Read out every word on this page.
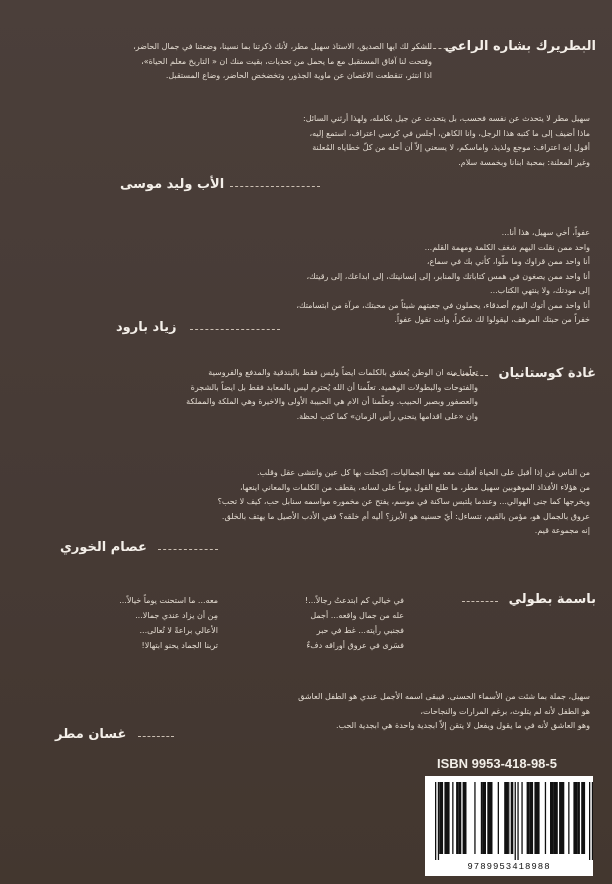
البطريرك بشاره الراعي

الشكر لك ايها الصديق، الاستاذ سهيل مطر، لأنك ذكرتنا بما نسينا، وضعتنا في جمال الحاضر،

وفتحت لنا آفاق المستقبل مع ما يحمل من تحديات، بقيت منك ان « التاريخ معلم الحياة»،

اذا انتثر، تنقطعت الاغصان عن ماوية الجذور، وتخضخض الحاضر، وضاع المستقبل.

سهيل مطر لا يتحدث عن نفسه فحسب، بل يتحدث عن جيل بكامله، ولهذا أرثني السائل:

ماذا أضيف إلى ما كتبه هذا الرجل، وانا الكاهن، أجلس في كرسي اعتراف، استمع إليه،

أقول إنه اعتراف: موجع ولذيذ، واماسكم، لا يسعني إلاّ أن أحله من كلّ خطاياه المُعلنة

وغير المعلنة: بمحبة ابنانا وبخمسة سلام.

الأب وليد موسى

عفواً، أخي سهيل، هذا أنا...

واحد ممن نقلت اليهم شغف الكلمة ومهمة القلم...

أنا واحد ممن قراوك وما ملّوا، كأني بك في سماع،

أنا واحد ممن يصغون في همس كتاباتك والمنابر، إلى إنسانيتك، إلى ابداعك، إلى رقيتك،

إلى مودتك، ولا ينتهي الكتاب...

أنا واحد ممن أتوك اليوم أصدقاء، يحملون في جعبتهم شيئاً من محبتك، مرآة من ابتسامتك،

خفراً من حبتك المرهف، ليقولوا لك شكراً، وانت تقول عفواً.

زياد بارود
غادة كوستانيان

تعلّمنا منه ان الوطن يُعشق بالكلمات ايضاً وليس فقط بالبندقية والمدفع والفروسية

والفتوحات والبطولات الوهمية. تعلّمنا أن الله يُحترم ليس بالمعابد فقط بل ايضاً بالشجرة

والعصفور وبصبر الحبيب. وتعلّمنا أن الام هي الحبيبة الأولى والاخيرة وهي الملكة والمملكة

وان «على اقدامها ينحني رأس الزمان» كما كتب لحظة.

من الناس مَن إذا أقبل على الحياة أقبلت معه منها الجماليات، إكتحلت بها كل عين وانتشى عقل وقلب.

من هؤلاء الأفذاذ الموهوبين سهيل مطر، ما طلع القول يوماً على لسانه، يقطف من الكلمات والمعاني اينعها،

ويخرجها كما جنى الهوالي... وعندما يلتبس ساكنة في موسم، يفتح عن مخموره مواسمه سنابل حب، كيف لا تحب؟

عروق بالجمال هو، مؤمن بالقيم، تتساءل: أيّ حسنيه هو الأبرز؟ أليه أم خلقه؟ ففي الأدب الأصيل ما يهتف بالخلق.

إنه مجموعة قيم.

عصام الخوري
باسمة بطولي

في خيالي كم ابتدعتُ رجالاً...!

عله من جمال واقعه... أجمل

فجنبي رأيته... غط في حبر

فسَرى في عروق أوراقه دفءٌ

معه... ما استحنت يوماً خيالاً...

مِن أن يزاد عندي جمالا...

الأعالي براعةً لا تُعالى...

تربنا الجماد يحنو ابتهالا!

سهيل، جملة بما شئت من الأسماء الحسنى. فيبقى اسمه الأجمل عندي هو الطفل العاشق

هو الطفل لأنه لم يتلوث، برغم المرارات والنجاحات،

وهو العاشق لأنه في ما يقول ويفعل لا يتقن إلاّ ابجدية واحدة هي ابجدية الحب.

غسان مطر
ISBN 9953-418-98-5
9789953418988
